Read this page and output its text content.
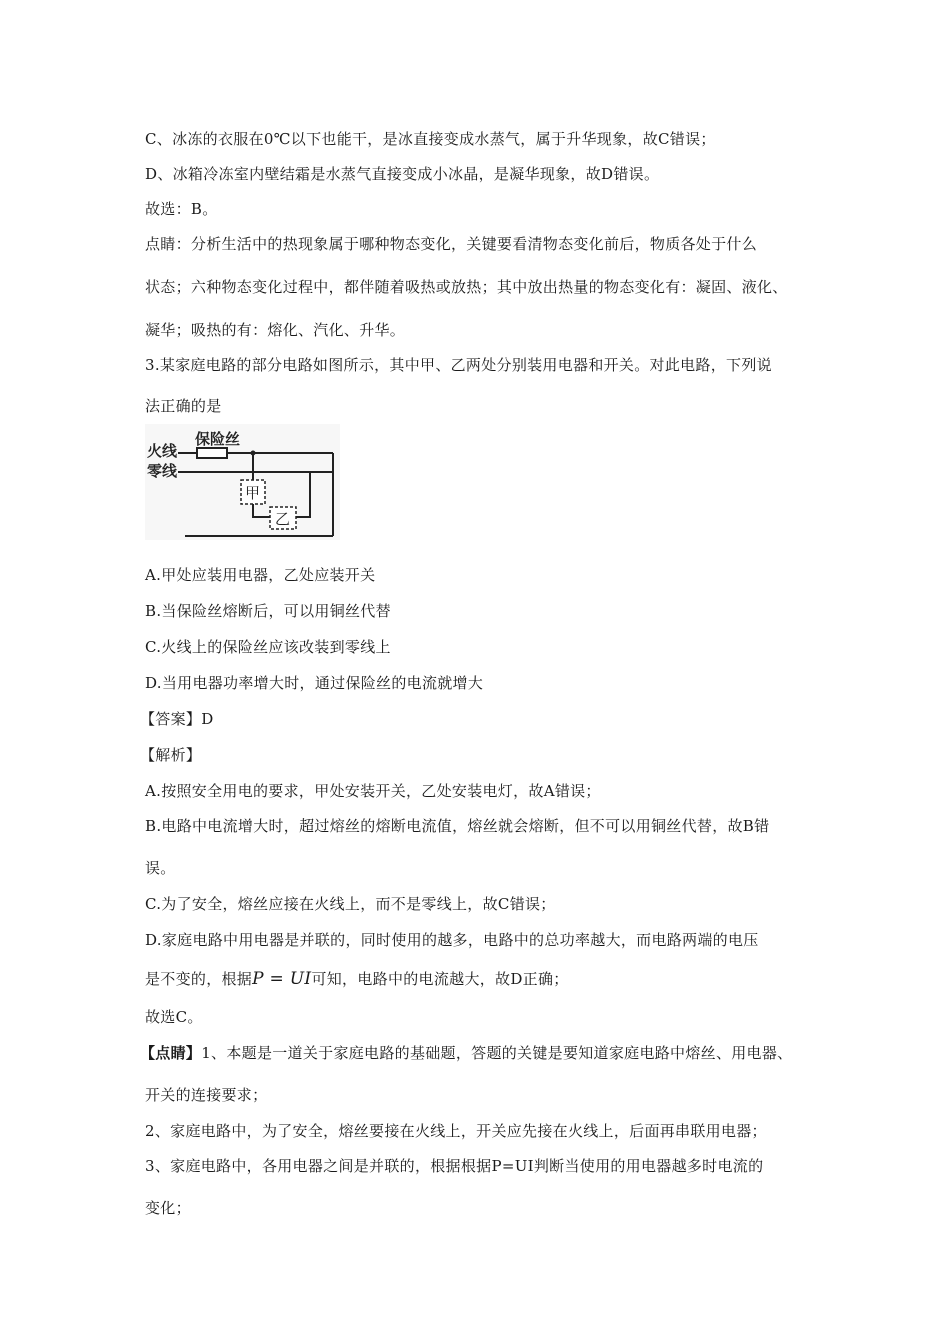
C、冰冻的衣服在0℃以下也能干，是冰直接变成水蒸气，属于升华现象，故C错误；
D、冰箱冷冻室内壁结霜是水蒸气直接变成小冰晶，是凝华现象，故D错误。
故选：B。
点睛：分析生活中的热现象属于哪种物态变化，关键要看清物态变化前后，物质各处于什么
状态；六种物态变化过程中，都伴随着吸热或放热；其中放出热量的物态变化有：凝固、液化、
凝华；吸热的有：熔化、汽化、升华。
3.某家庭电路的部分电路如图所示，其中甲、乙两处分别装用电器和开关。对此电路，下列说
法正确的是
火线
零线
保险丝
甲
乙
A.甲处应装用电器，乙处应装开关
B.当保险丝熔断后，可以用铜丝代替
C.火线上的保险丝应该改装到零线上
D.当用电器功率增大时，通过保险丝的电流就增大
【答案】D
【解析】
A.按照安全用电的要求，甲处安装开关，乙处安装电灯，故A错误；
B.电路中电流增大时，超过熔丝的熔断电流值，熔丝就会熔断，但不可以用铜丝代替，故B错
误。
C.为了安全，熔丝应接在火线上，而不是零线上，故C错误；
D.家庭电路中用电器是并联的，同时使用的越多，电路中的总功率越大，而电路两端的电压
是不变的，根据P = UI可知，电路中的电流越大，故D正确；
故选C。
【点睛】1、本题是一道关于家庭电路的基础题，答题的关键是要知道家庭电路中熔丝、用电器、
开关的连接要求；
2、家庭电路中，为了安全，熔丝要接在火线上，开关应先接在火线上，后面再串联用电器；
3、家庭电路中，各用电器之间是并联的，根据根据P=UI判断当使用的用电器越多时电流的
变化；
